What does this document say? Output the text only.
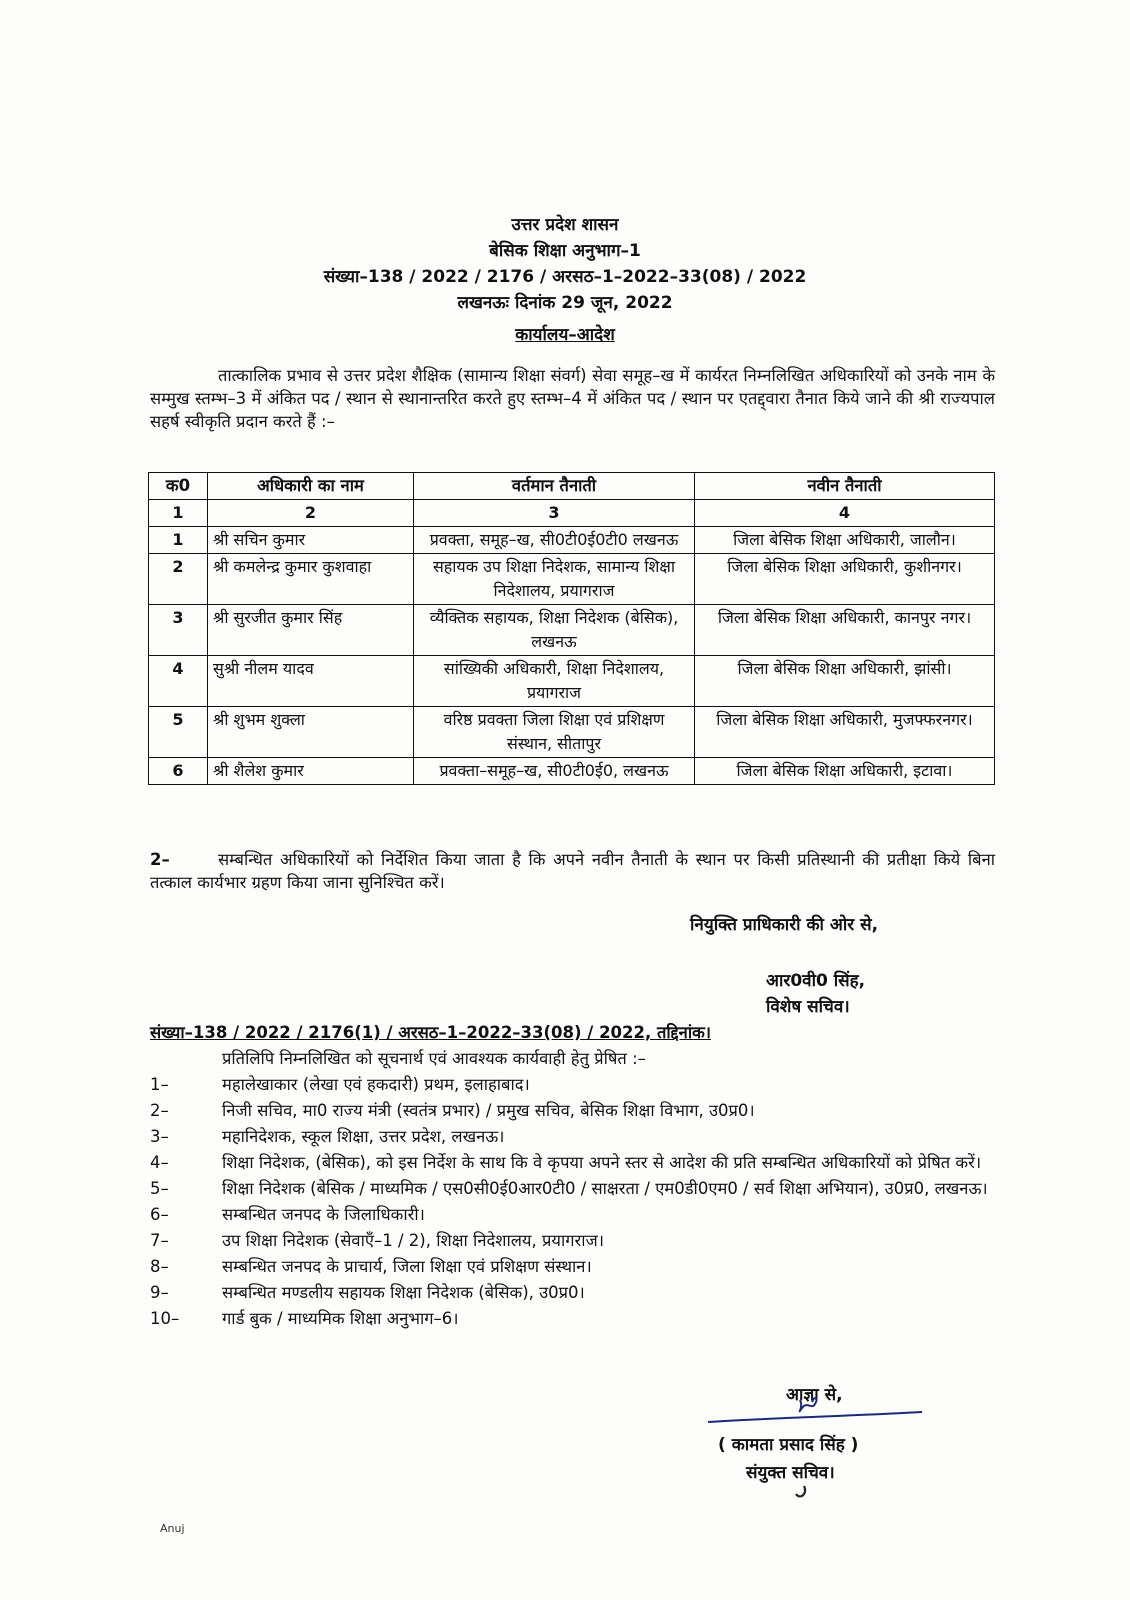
उत्तर प्रदेश शासन
बेसिक शिक्षा अनुभाग–1
संख्या–138 / 2022 / 2176 / अरसठ–1–2022–33(08) / 2022
लखनऊः दिनांक 29 जून, 2022
कार्यालय–आदेश
तात्कालिक प्रभाव से उत्तर प्रदेश शैक्षिक (सामान्य शिक्षा संवर्ग) सेवा समूह–ख में कार्यरत निम्नलिखित अधिकारियों को उनके नाम के सम्मुख स्तम्भ–3 में अंकित पद / स्थान से स्थानान्तरित करते हुए स्तम्भ–4 में अंकित पद / स्थान पर एतद्द्वारा तैनात किये जाने की श्री राज्यपाल सहर्ष स्वीकृति प्रदान करते हैं :–
क0	अधिकारी का नाम	वर्तमान तैनाती	नवीन तैनाती
1	2	3	4
1	श्री सचिन कुमार	प्रवक्ता, समूह–ख, सी0टी0ई0टी0 लखनऊ	जिला बेसिक शिक्षा अधिकारी, जालौन।
2	श्री कमलेन्द्र कुमार कुशवाहा	सहायक उप शिक्षा निदेशक, सामान्य शिक्षा निदेशालय, प्रयागराज	जिला बेसिक शिक्षा अधिकारी, कुशीनगर।
3	श्री सुरजीत कुमार सिंह	व्यैक्तिक सहायक, शिक्षा निदेशक (बेसिक), लखनऊ	जिला बेसिक शिक्षा अधिकारी, कानपुर नगर।
4	सुश्री नीलम यादव	सांख्यिकी अधिकारी, शिक्षा निदेशालय, प्रयागराज	जिला बेसिक शिक्षा अधिकारी, झांसी।
5	श्री शुभम शुक्ला	वरिष्ठ प्रवक्ता जिला शिक्षा एवं प्रशिक्षण संस्थान, सीतापुर	जिला बेसिक शिक्षा अधिकारी, मुजफ्फरनगर।
6	श्री शैलेश कुमार	प्रवक्ता–समूह–ख, सी0टी0ई0, लखनऊ	जिला बेसिक शिक्षा अधिकारी, इटावा।
2–	सम्बन्धित अधिकारियों को निर्देशित किया जाता है कि अपने नवीन तैनाती के स्थान पर किसी प्रतिस्थानी की प्रतीक्षा किये बिना तत्काल कार्यभार ग्रहण किया जाना सुनिश्चित करें।
नियुक्ति प्राधिकारी की ओर से,
आर0वी0 सिंह,
विशेष सचिव।
संख्या–138 / 2022 / 2176(1) / अरसठ–1–2022–33(08) / 2022, तद्दिनांक।
प्रतिलिपि निम्नलिखित को सूचनार्थ एवं आवश्यक कार्यवाही हेतु प्रेषित :–
1–	महालेखाकार (लेखा एवं हकदारी) प्रथम, इलाहाबाद।
2–	निजी सचिव, मा0 राज्य मंत्री (स्वतंत्र प्रभार) / प्रमुख सचिव, बेसिक शिक्षा विभाग, उ0प्र0।
3–	महानिदेशक, स्कूल शिक्षा, उत्तर प्रदेश, लखनऊ।
4–	शिक्षा निदेशक, (बेसिक), को इस निर्देश के साथ कि वे कृपया अपने स्तर से आदेश की प्रति सम्बन्धित अधिकारियों को प्रेषित करें।
5–	शिक्षा निदेशक (बेसिक / माध्यमिक / एस0सी0ई0आर0टी0 / साक्षरता / एम0डी0एम0 / सर्व शिक्षा अभियान), उ0प्र0, लखनऊ।
6–	सम्बन्धित जनपद के जिलाधिकारी।
7–	उप शिक्षा निदेशक (सेवाएँ–1 / 2), शिक्षा निदेशालय, प्रयागराज।
8–	सम्बन्धित जनपद के प्राचार्य, जिला शिक्षा एवं प्रशिक्षण संस्थान।
9–	सम्बन्धित मण्डलीय सहायक शिक्षा निदेशक (बेसिक), उ0प्र0।
10–	गार्ड बुक / माध्यमिक शिक्षा अनुभाग–6।
आज्ञा से,
( कामता प्रसाद सिंह )
संयुक्त सचिव।
Anuj
